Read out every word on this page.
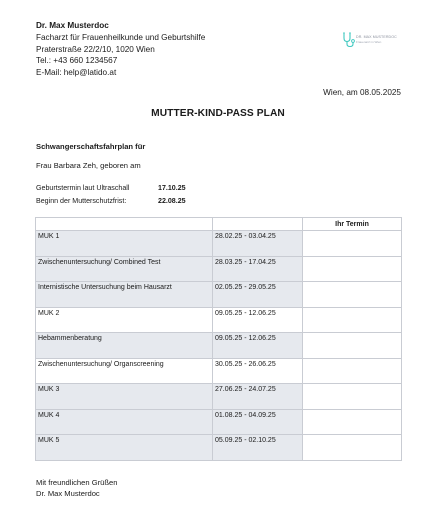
Dr. Max Musterdoc
Facharzt für Frauenheilkunde und Geburtshilfe
Praterstraße 22/2/10, 1020 Wien
Tel.: +43 660 1234567
E-Mail: help@latido.at
DR. MAX MUSTERDOC
Frauenarzt in Wien
Wien, am 08.05.2025
MUTTER-KIND-PASS PLAN
Schwangerschaftsfahrplan für
Frau Barbara Zeh, geboren am
Geburtstermin laut Ultraschall	17.10.25
Beginn der Mutterschutzfrist:	22.08.25
		Ihr Termin
MUK 1	28.02.25 - 03.04.25	
Zwischenuntersuchung/ Combined Test	28.03.25 - 17.04.25	
Internistische Untersuchung beim Hausarzt	02.05.25 - 29.05.25	
MUK 2	09.05.25 - 12.06.25	
Hebammenberatung	09.05.25 - 12.06.25	
Zwischenuntersuchung/ Organscreening	30.05.25 - 26.06.25	
MUK 3	27.06.25 - 24.07.25	
MUK 4	01.08.25 - 04.09.25	
MUK 5	05.09.25 - 02.10.25	
Mit freundlichen Grüßen
Dr. Max Musterdoc
